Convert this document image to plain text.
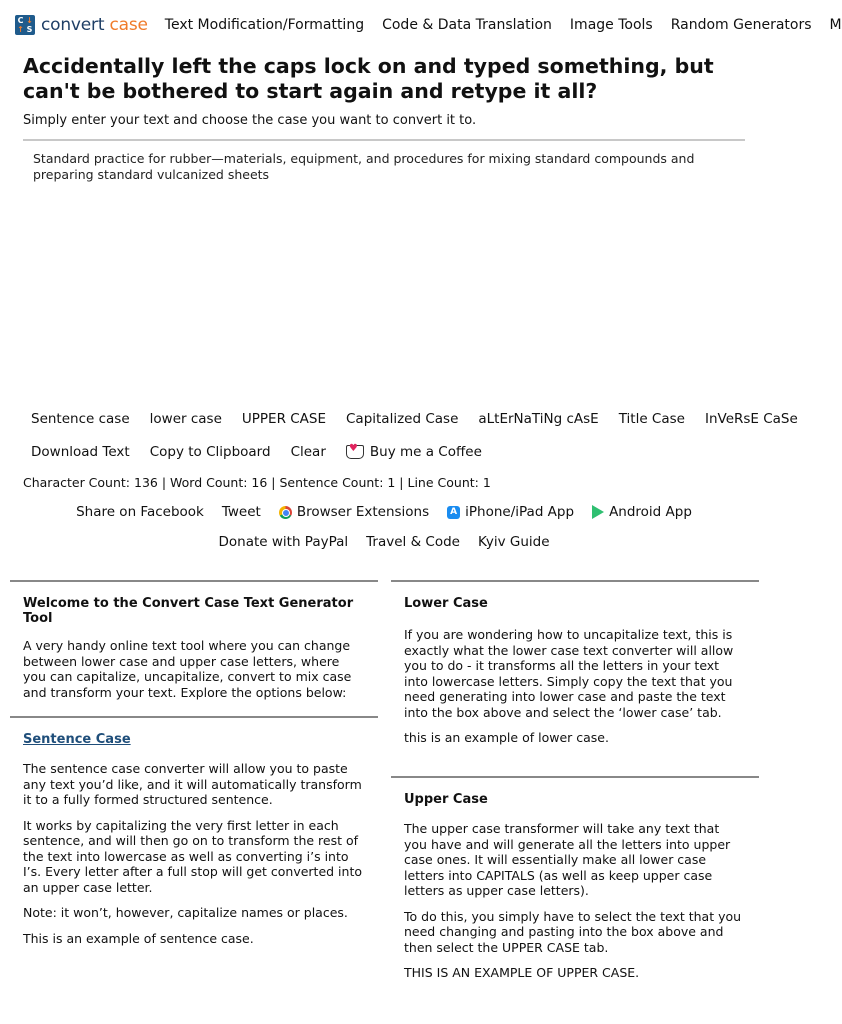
C ↓
↑ S convert case Text Modification/Formatting Code & Data Translation Image Tools Random Generators M
Accidentally left the caps lock on and typed something, but can't be bothered to start again and retype it all?
Simply enter your text and choose the case you want to convert it to.
Standard practice for rubber—materials, equipment, and procedures for mixing standard compounds and preparing standard vulcanized sheets
Sentence case	lower case	UPPER CASE	Capitalized Case	aLtErNaTiNg cAsE	Title Case	InVeRsE CaSe
Download Text	Copy to Clipboard	Clear
♥	Buy me a Coffee
Character Count: 136 | Word Count: 16 | Sentence Count: 1 | Line Count: 1
Share on Facebook Tweet	Browser Extensions	A iPhone/iPad App	Android App
Donate with PayPal Travel & Code Kyiv Guide
Welcome to the Convert Case Text Generator Tool

A very handy online text tool where you can change between lower case and upper case letters, where you can capitalize, uncapitalize, convert to mix case and transform your text. Explore the options below:

Sentence Case

The sentence case converter will allow you to paste any text you’d like, and it will automatically transform it to a fully formed structured sentence.

It works by capitalizing the very first letter in each sentence, and will then go on to transform the rest of the text into lowercase as well as converting i’s into I’s. Every letter after a full stop will get converted into an upper case letter.

Note: it won’t, however, capitalize names or places.

This is an example of sentence case.

Lower Case

If you are wondering how to uncapitalize text, this is exactly what the lower case text converter will allow you to do - it transforms all the letters in your text into lowercase letters. Simply copy the text that you need generating into lower case and paste the text into the box above and select the ‘lower case’ tab.

this is an example of lower case.

Upper Case

The upper case transformer will take any text that you have and will generate all the letters into upper case ones. It will essentially make all lower case letters into CAPITALS (as well as keep upper case letters as upper case letters).

To do this, you simply have to select the text that you need changing and pasting into the box above and then select the UPPER CASE tab.

THIS IS AN EXAMPLE OF UPPER CASE.
